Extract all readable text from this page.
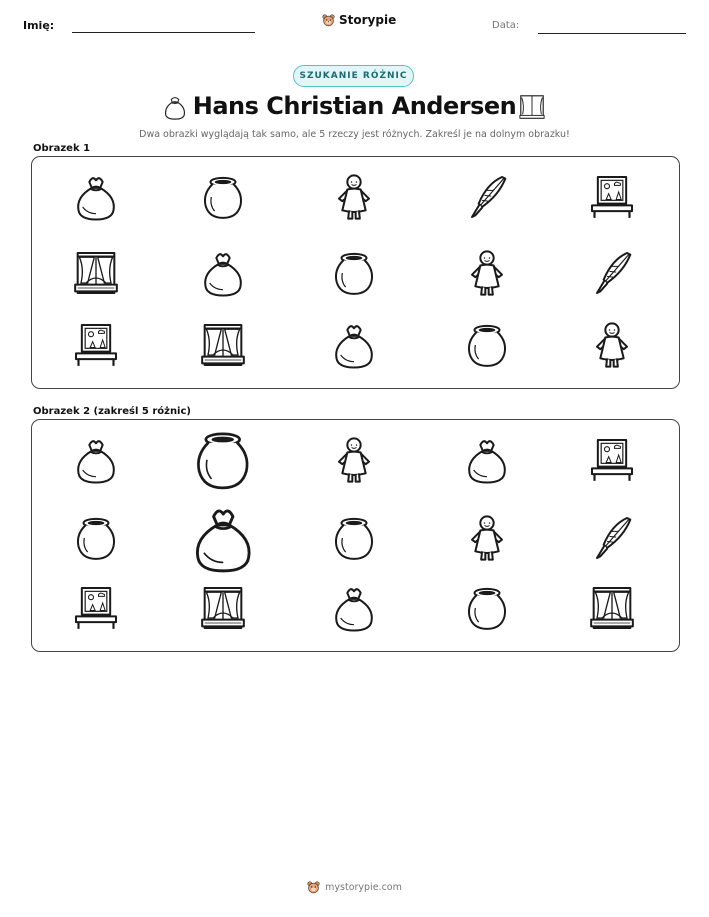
Imię:	Storypie	Data:
SZUKANIE RÓŻNIC
Hans Christian Andersen
Dwa obrazki wyglądają tak samo, ale 5 rzeczy jest różnych. Zakreśl je na dolnym obrazku!
Obrazek 1
Obrazek 2 (zakreśl 5 różnic)
mystorypie.com
